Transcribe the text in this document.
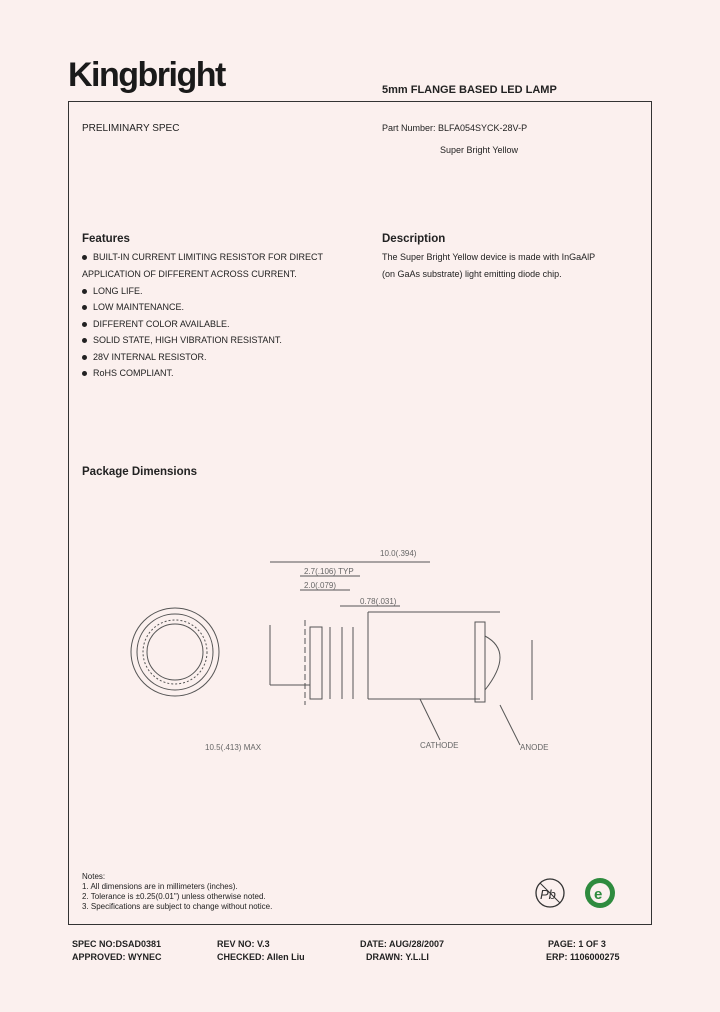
Kingbright	5mm FLANGE BASED LED LAMP
PRELIMINARY SPEC	Part Number: BLFA054SYCK-28V-P
Super Bright Yellow
Features
BUILT-IN CURRENT LIMITING RESISTOR FOR DIRECT
APPLICATION OF DIFFERENT ACROSS CURRENT.
LONG LIFE.
LOW MAINTENANCE.
DIFFERENT COLOR AVAILABLE.
SOLID STATE, HIGH VIBRATION RESISTANT.
28V INTERNAL RESISTOR.
RoHS COMPLIANT.
Description
The Super Bright Yellow device is made with InGaAlP
(on GaAs substrate) light emitting diode chip.
Package Dimensions
10.0(.394)
2.7(.106) TYP
2.0(.079)
0.78(.031)
CATHODE	ANODE
10.5(.413) MAX
Notes:
1. All dimensions are in millimeters (inches).
2. Tolerance is ±0.25(0.01") unless otherwise noted.
3. Specifications are subject to change without notice.
Pb	e
SPEC NO:DSAD0381	REV NO: V.3	DATE: AUG/28/2007	PAGE: 1 OF 3
APPROVED: WYNEC	CHECKED: Allen Liu	DRAWN: Y.L.LI	ERP: 1106000275
